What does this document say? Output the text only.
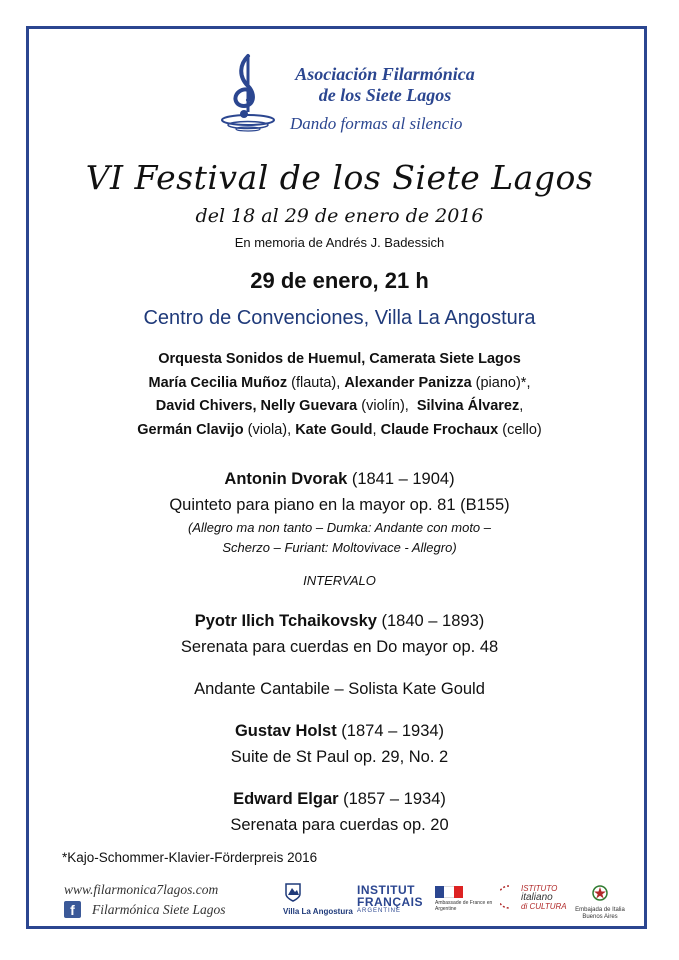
Asociación Filarmónica
de los Siete Lagos
Dando formas al silencio
VI Festival de los Siete Lagos
del 18 al 29 de enero de 2016
En memoria de Andrés J. Badessich
29 de enero, 21 h
Centro de Convenciones, Villa La Angostura
Orquesta Sonidos de Huemul, Camerata Siete Lagos
María Cecilia Muñoz (flauta), Alexander Panizza (piano)*,
David Chivers, Nelly Guevara (violín),  Silvina Álvarez,
Germán Clavijo (viola), Kate Gould, Claude Frochaux (cello)
Antonin Dvorak (1841 – 1904)
Quinteto para piano en la mayor op. 81 (B155)
(Allegro ma non tanto – Dumka: Andante con moto –
Scherzo – Furiant: Moltovivace - Allegro)
INTERVALO
Pyotr Ilich Tchaikovsky (1840 – 1893)
Serenata para cuerdas en Do mayor op. 48
Andante Cantabile – Solista Kate Gould
Gustav Holst (1874 – 1934)
Suite de St Paul op. 29, No. 2
Edward Elgar (1857 – 1934)
Serenata para cuerdas op. 20
*Kajo-Schommer-Klavier-Förderpreis 2016
www.filarmonica7lagos.com
f	Filarmónica Siete Lagos	Villa La Angostura
INSTITUT
FRANÇAIS
ARGENTINE
Ambassade de France en Argentine
ISTITUTO
italiano
di CULTURA Embajada de Italia
Buenos Aires
